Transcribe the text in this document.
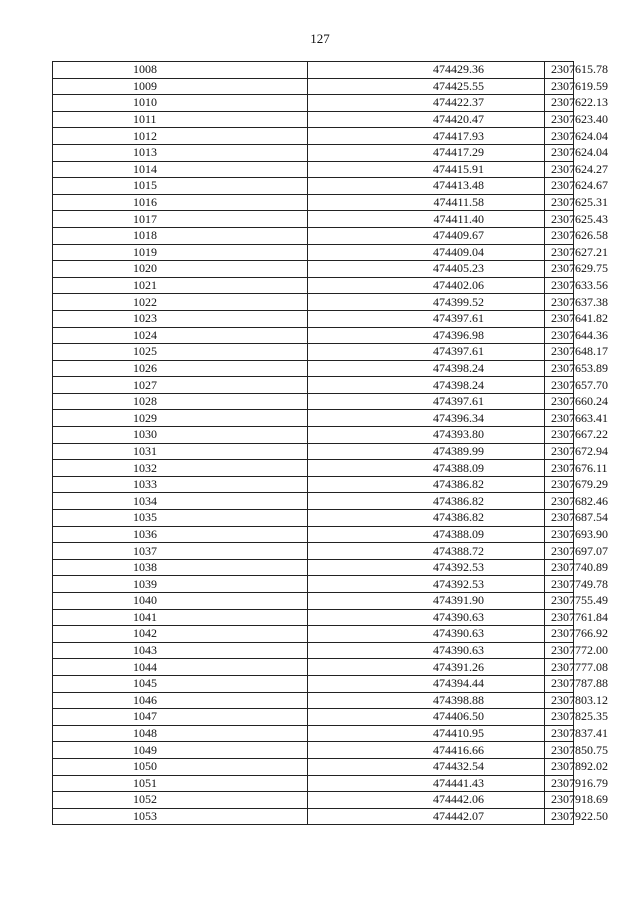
127
1008	474429.36	2307615.78
1009	474425.55	2307619.59
1010	474422.37	2307622.13
1011	474420.47	2307623.40
1012	474417.93	2307624.04
1013	474417.29	2307624.04
1014	474415.91	2307624.27
1015	474413.48	2307624.67
1016	474411.58	2307625.31
1017	474411.40	2307625.43
1018	474409.67	2307626.58
1019	474409.04	2307627.21
1020	474405.23	2307629.75
1021	474402.06	2307633.56
1022	474399.52	2307637.38
1023	474397.61	2307641.82
1024	474396.98	2307644.36
1025	474397.61	2307648.17
1026	474398.24	2307653.89
1027	474398.24	2307657.70
1028	474397.61	2307660.24
1029	474396.34	2307663.41
1030	474393.80	2307667.22
1031	474389.99	2307672.94
1032	474388.09	2307676.11
1033	474386.82	2307679.29
1034	474386.82	2307682.46
1035	474386.82	2307687.54
1036	474388.09	2307693.90
1037	474388.72	2307697.07
1038	474392.53	2307740.89
1039	474392.53	2307749.78
1040	474391.90	2307755.49
1041	474390.63	2307761.84
1042	474390.63	2307766.92
1043	474390.63	2307772.00
1044	474391.26	2307777.08
1045	474394.44	2307787.88
1046	474398.88	2307803.12
1047	474406.50	2307825.35
1048	474410.95	2307837.41
1049	474416.66	2307850.75
1050	474432.54	2307892.02
1051	474441.43	2307916.79
1052	474442.06	2307918.69
1053	474442.07	2307922.50
